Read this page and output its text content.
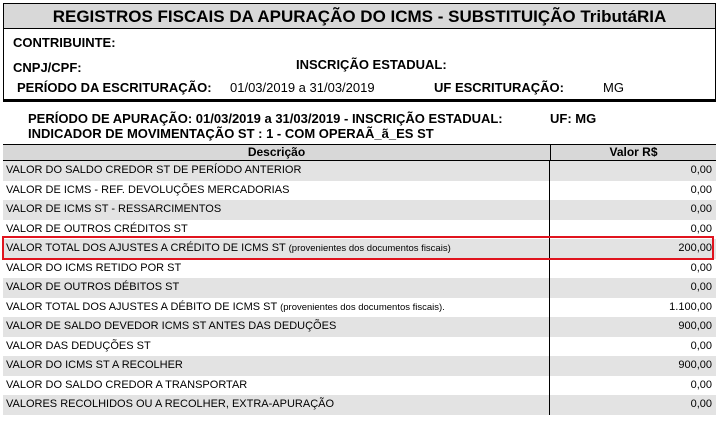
REGISTROS FISCAIS DA APURAÇÃO DO ICMS - SUBSTITUIÇÃO TributáRIA
CONTRIBUINTE:
CNPJ/CPF:	INSCRIÇÃO ESTADUAL:
PERÍODO DA ESCRITURAÇÃO: 01/03/2019 a 31/03/2019	UF ESCRITURAÇÃO:	MG
PERÍODO DE APURAÇÃO: 01/03/2019 a 31/03/2019 - INSCRIÇÃO ESTADUAL:	UF: MG
INDICADOR DE MOVIMENTAÇÃO ST : 1 - COM OPERAÃ_ã_ES ST
Descrição	Valor R$
VALOR DO SALDO CREDOR ST DE PERÍODO ANTERIOR	0,00
VALOR DE ICMS - REF. DEVOLUÇÕES MERCADORIAS	0,00
VALOR DE ICMS ST - RESSARCIMENTOS	0,00
VALOR DE OUTROS CRÉDITOS ST	0,00
VALOR TOTAL DOS AJUSTES A CRÉDITO DE ICMS ST (provenientes dos documentos fiscais)	200,00
VALOR DO ICMS RETIDO POR ST	0,00
VALOR DE OUTROS DÉBITOS ST	0,00
VALOR TOTAL DOS AJUSTES A DÉBITO DE ICMS ST (provenientes dos documentos fiscais).	1.100,00
VALOR DE SALDO DEVEDOR ICMS ST ANTES DAS DEDUÇÕES	900,00
VALOR DAS DEDUÇÕES ST	0,00
VALOR DO ICMS ST A RECOLHER	900,00
VALOR DO SALDO CREDOR A TRANSPORTAR	0,00
VALORES RECOLHIDOS OU A RECOLHER, EXTRA-APURAÇÃO	0,00
